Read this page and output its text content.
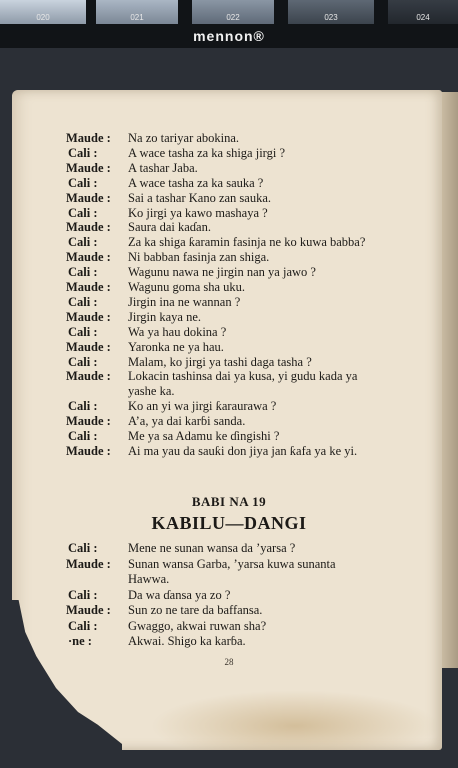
020	021	022	023	024
mennon®
Maude :	Na zo tariyar abokina.
Cali :	A wace tasha za ka shiga jirgi ?
Maude :	A tashar Jaba.
Cali :	A wace tasha za ka sauka ?
Maude :	Sai a tashar Kano zan sauka.
Cali :	Ko jirgi ya kawo mashaya ?
Maude :	Saura dai kaɗan.
Cali :	Za ka shiga ƙaramin fasinja ne ko kuwa babba?
Maude :	Ni babban fasinja zan shiga.
Cali :	Wagunu nawa ne jirgin nan ya jawo ?
Maude :	Wagunu goma sha uku.
Cali :	Jirgin ina ne wannan ?
Maude :	Jirgin kaya ne.
Cali :	Wa ya hau dokina ?
Maude :	Yaronka ne ya hau.
Cali :	Malam, ko jirgi ya tashi daga tasha ?
Maude :	Lokacin tashinsa dai ya kusa, yi gudu kada ya
yashe ka.
Cali :	Ko an yi wa jirgi ƙaraurawa ?
Maude :	A’a, ya dai karɓi sanda.
Cali :	Me ya sa Adamu ke ɗingishi ?
Maude :	Ai ma yau da sauƙi don jiya jan ƙafa ya ke yi.
BABI NA 19
KABILU—DANGI
Cali :	Mene ne sunan wansa da ’yarsa ?
Maude :	Sunan wansa Garba, ’yarsa kuwa sunanta
Hawwa.
Cali :	Da wa ɗansa ya zo ?
Maude :	Sun zo ne tare da baffansa.
Cali :	Gwaggo, akwai ruwan sha?
·ne :	Akwai. Shigo ka karɓa.
28
